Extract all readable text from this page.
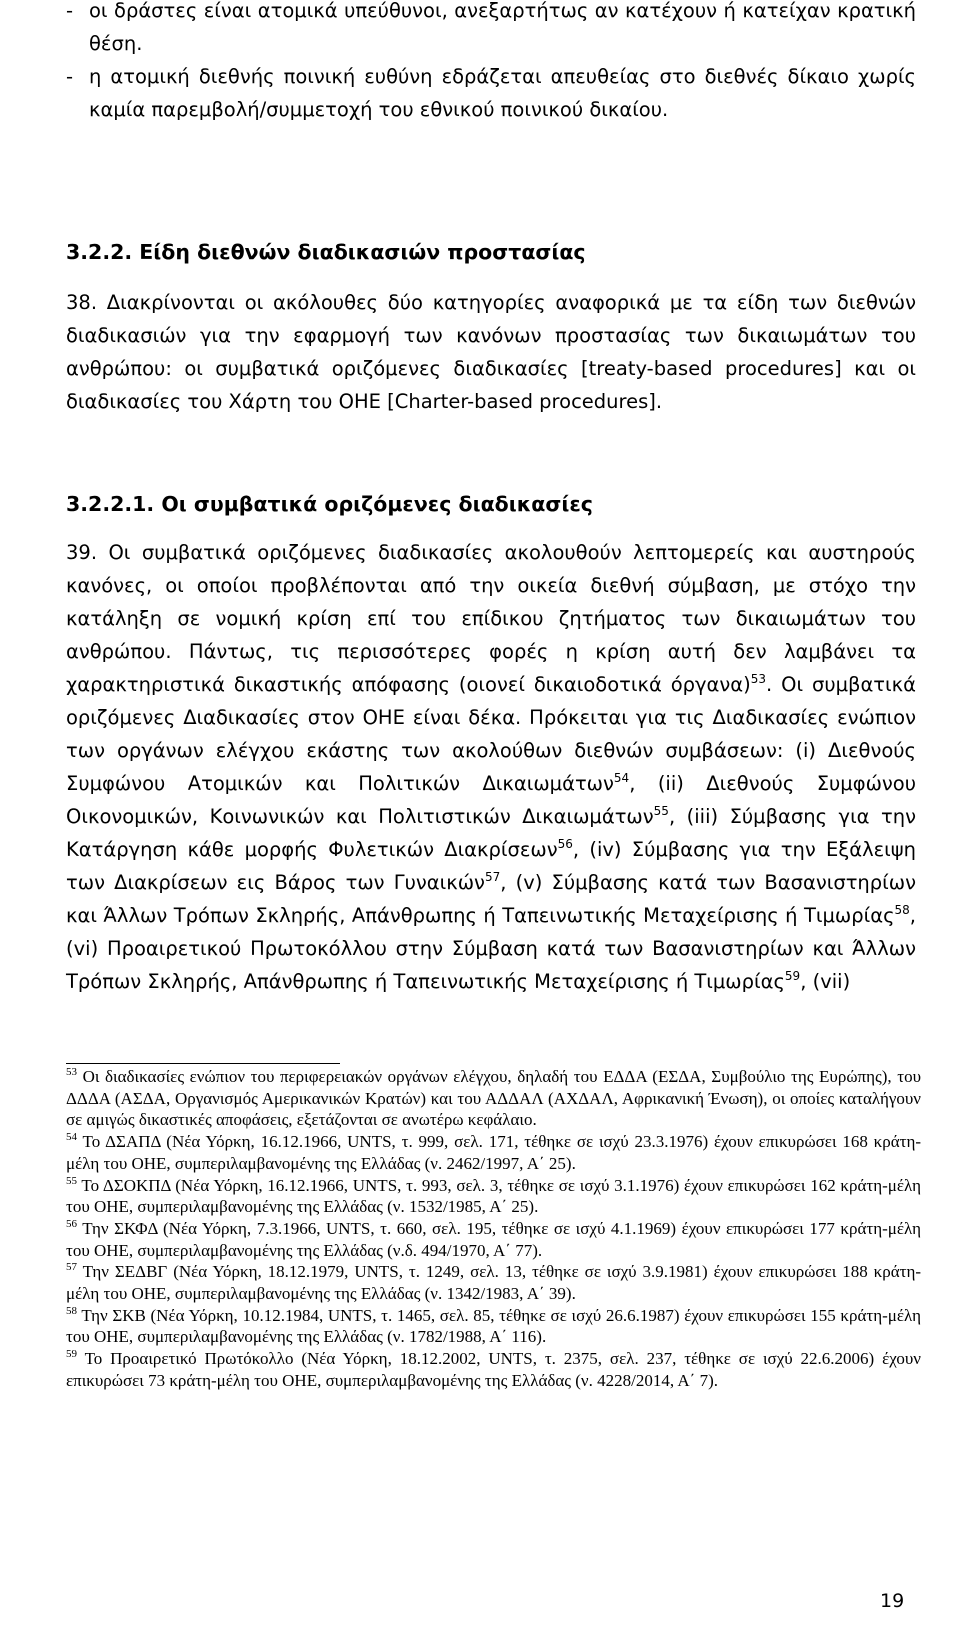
- οι δράστες είναι ατομικά υπεύθυνοι, ανεξαρτήτως αν κατέχουν ή κατείχαν κρατική θέση.
- η ατομική διεθνής ποινική ευθύνη εδράζεται απευθείας στο διεθνές δίκαιο χωρίς καμία παρεμβολή/συμμετοχή του εθνικού ποινικού δικαίου.
3.2.2. Είδη διεθνών διαδικασιών προστασίας

38. Διακρίνονται οι ακόλουθες δύο κατηγορίες αναφορικά με τα είδη των διεθνών διαδικασιών για την εφαρμογή των κανόνων προστασίας των δικαιωμάτων του ανθρώπου: οι συμβατικά οριζόμενες διαδικασίες [treaty-based procedures] και οι διαδικασίες του Χάρτη του ΟΗΕ [Charter-based procedures].

3.2.2.1. Οι συμβατικά οριζόμενες διαδικασίες

39. Οι συμβατικά οριζόμενες διαδικασίες ακολουθούν λεπτομερείς και αυστηρούς κανόνες, οι οποίοι προβλέπονται από την οικεία διεθνή σύμβαση, με στόχο την κατάληξη σε νομική κρίση επί του επίδικου ζητήματος των δικαιωμάτων του ανθρώπου. Πάντως, τις περισσότερες φορές η κρίση αυτή δεν λαμβάνει τα χαρακτηριστικά δικαστικής απόφασης (οιονεί δικαιοδοτικά όργανα)$^{53}$. Οι συμβατικά οριζόμενες Διαδικασίες στον ΟΗΕ είναι δέκα. Πρόκειται για τις Διαδικασίες ενώπιον των οργάνων ελέγχου εκάστης των ακολούθων διεθνών συμβάσεων: (i) Διεθνούς Συμφώνου Ατομικών και Πολιτικών Δικαιωμάτων$^{54}$, (ii) Διεθνούς Συμφώνου Οικονομικών, Κοινωνικών και Πολιτιστικών Δικαιωμάτων$^{55}$, (iii) Σύμβασης για την Κατάργηση κάθε μορφής Φυλετικών Διακρίσεων$^{56}$, (iv) Σύμβασης για την Εξάλειψη των Διακρίσεων εις Βάρος των Γυναικών$^{57}$, (v) Σύμβασης κατά των Βασανιστηρίων και Άλλων Τρόπων Σκληρής, Απάνθρωπης ή Ταπεινωτικής Μεταχείρισης ή Τιμωρίας$^{58}$, (vi) Προαιρετικού Πρωτοκόλλου στην Σύμβαση κατά των Βασανιστηρίων και Άλλων Τρόπων Σκληρής, Απάνθρωπης ή Ταπεινωτικής Μεταχείρισης ή Τιμωρίας$^{59}$, (vii)

$^{53}$ Οι διαδικασίες ενώπιον του περιφερειακών οργάνων ελέγχου, δηλαδή του ΕΔΔΑ (ΕΣΔΑ, Συμβούλιο της Ευρώπης), του ΔΔΔΑ (ΑΣΔΑ, Οργανισμός Αμερικανικών Κρατών) και του ΑΔΔΑΛ (ΑΧΔΑΛ, Αφρικανική Ένωση), οι οποίες καταλήγουν σε αμιγώς δικαστικές αποφάσεις, εξετάζονται σε ανωτέρω κεφάλαιο.

$^{54}$ Το ΔΣΑΠΔ (Νέα Υόρκη, 16.12.1966, UNTS, τ. 999, σελ. 171, τέθηκε σε ισχύ 23.3.1976) έχουν επικυρώσει 168 κράτη-μέλη του ΟΗΕ, συμπεριλαμβανομένης της Ελλάδας (ν. 2462/1997, Α΄ 25).

$^{55}$ Το ΔΣΟΚΠΔ (Νέα Υόρκη, 16.12.1966, UNTS, τ. 993, σελ. 3, τέθηκε σε ισχύ 3.1.1976) έχουν επικυρώσει 162 κράτη-μέλη του ΟΗΕ, συμπεριλαμβανομένης της Ελλάδας (ν. 1532/1985, Α΄ 25).

$^{56}$ Την ΣΚΦΔ (Νέα Υόρκη, 7.3.1966, UNTS, τ. 660, σελ. 195, τέθηκε σε ισχύ 4.1.1969) έχουν επικυρώσει 177 κράτη-μέλη του ΟΗΕ, συμπεριλαμβανομένης της Ελλάδας (ν.δ. 494/1970, Α΄ 77).

$^{57}$ Την ΣΕΔΒΓ (Νέα Υόρκη, 18.12.1979, UNTS, τ. 1249, σελ. 13, τέθηκε σε ισχύ 3.9.1981) έχουν επικυρώσει 188 κράτη-μέλη του ΟΗΕ, συμπεριλαμβανομένης της Ελλάδας (ν. 1342/1983, Α΄ 39).

$^{58}$ Την ΣΚΒ (Νέα Υόρκη, 10.12.1984, UNTS, τ. 1465, σελ. 85, τέθηκε σε ισχύ 26.6.1987) έχουν επικυρώσει 155 κράτη-μέλη του ΟΗΕ, συμπεριλαμβανομένης της Ελλάδας (ν. 1782/1988, Α΄ 116).

$^{59}$ Το Προαιρετικό Πρωτόκολλο (Νέα Υόρκη, 18.12.2002, UNTS, τ. 2375, σελ. 237, τέθηκε σε ισχύ 22.6.2006) έχουν επικυρώσει 73 κράτη-μέλη του ΟΗΕ, συμπεριλαμβανομένης της Ελλάδας (ν. 4228/2014, Α΄ 7).

19
